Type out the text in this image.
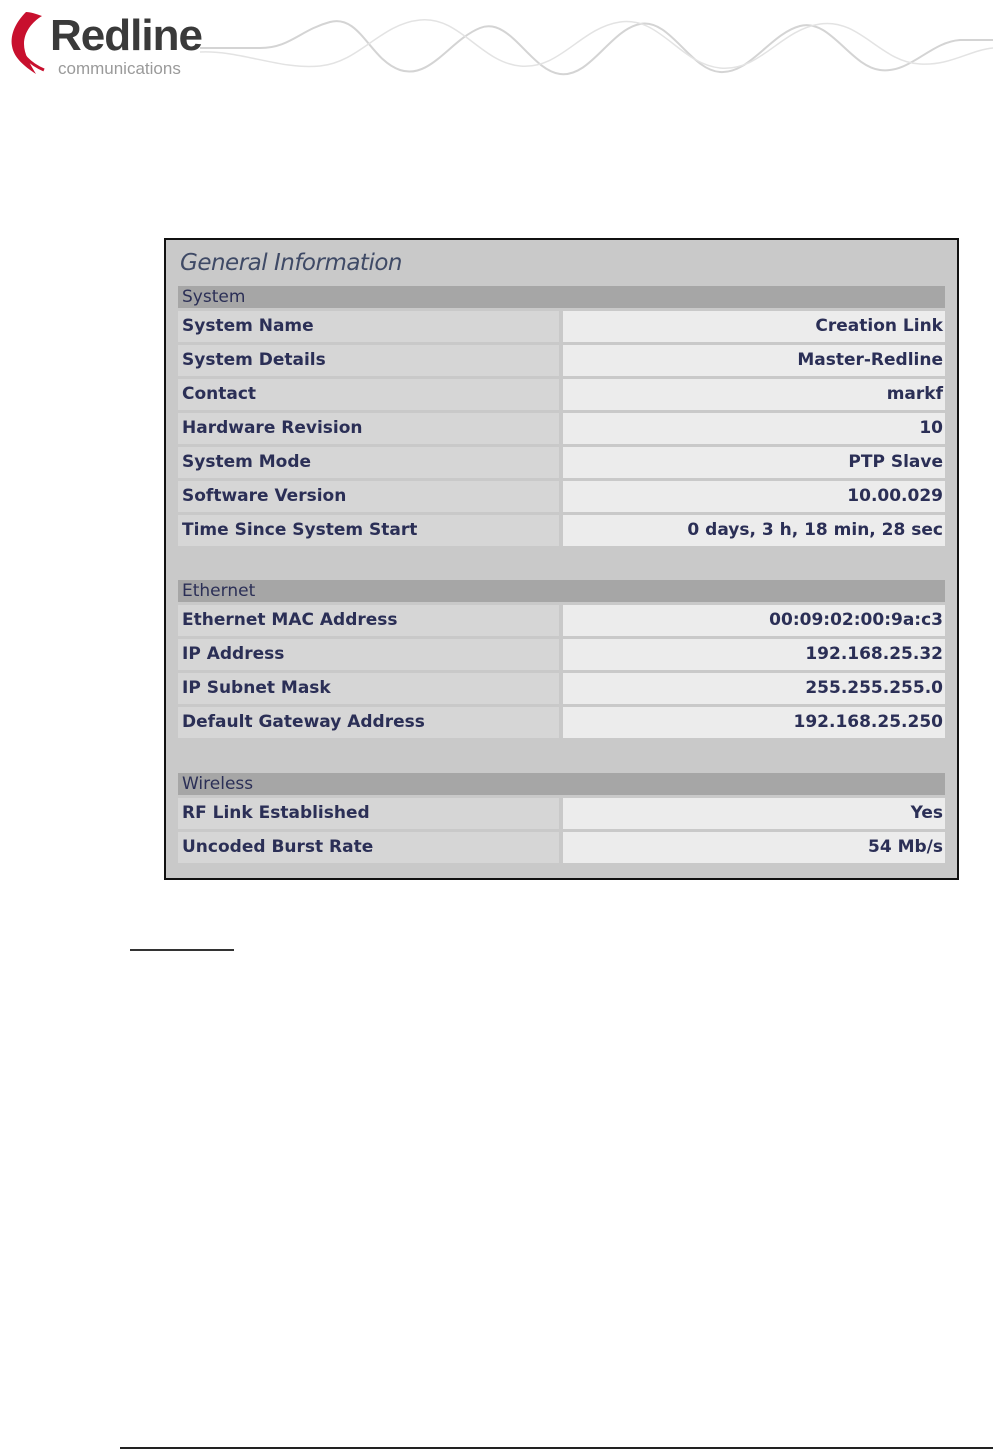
Redline
communications
General Information
System
System Name	Creation Link
System Details	Master-Redline
Contact	markf
Hardware Revision	10
System Mode	PTP Slave
Software Version	10.00.029
Time Since System Start	0 days, 3 h, 18 min, 28 sec
Ethernet
Ethernet MAC Address	00:09:02:00:9a:c3
IP Address	192.168.25.32
IP Subnet Mask	255.255.255.0
Default Gateway Address	192.168.25.250
Wireless
RF Link Established	Yes
Uncoded Burst Rate	54 Mb/s
